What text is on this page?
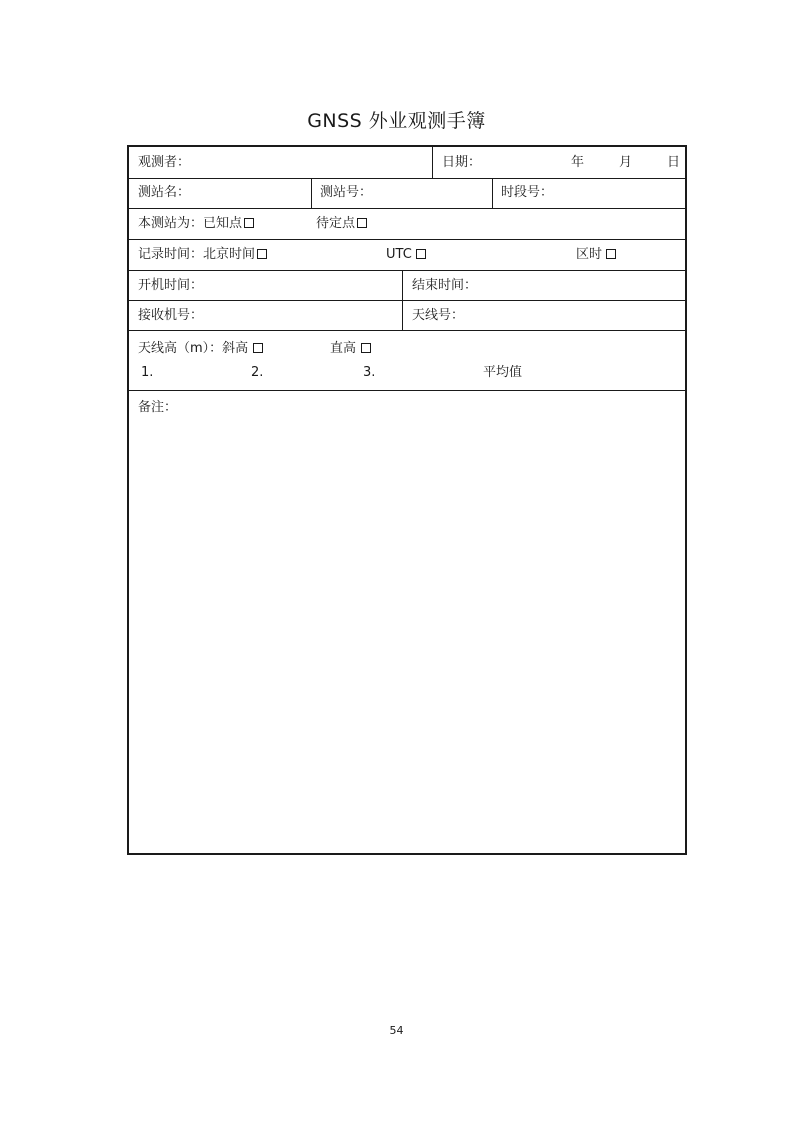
GNSS 外业观测手簿
观测者：	日期：	年	月	日
测站名：	测站号：	时段号：
本测站为：已知点	待定点
记录时间：北京时间	UTC	区时
开机时间：	结束时间：
接收机号：	天线号：
天线高（m）：斜高	直高
1.	2.	3.	平均值
备注：
54
